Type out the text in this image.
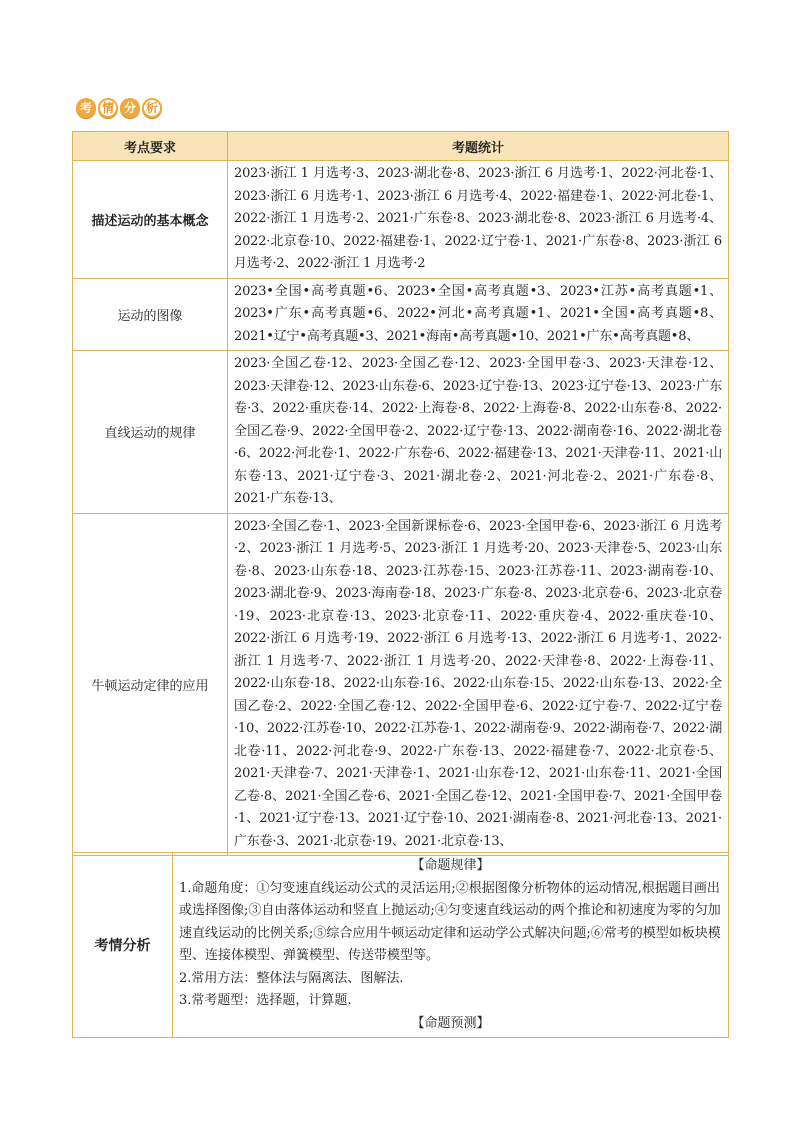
考 情 分 析
考点要求	考题统计
描述运动的基本概念	2023·浙江 1 月选考·3、2023·湖北卷·8、2023·浙江 6 月选考·1、2022·河北卷·1、2023·浙江 6 月选考·1、2023·浙江 6 月选考·4、2022·福建卷·1、2022·河北卷·1、2022·浙江 1 月选考·2、2021·广东卷·8、2023·湖北卷·8、2023·浙江 6 月选考·4、2022·北京卷·10、2022·福建卷·1、2022·辽宁卷·1、2021·广东卷·8、2023·浙江 6 月选考·2、2022·浙江 1 月选考·2
运动的图像	2023•全国•高考真题•6、2023•全国•高考真题•3、2023•江苏•高考真题•1、2023•广东•高考真题•6、2022•河北•高考真题•1、2021•全国•高考真题•8、2021•辽宁•高考真题•3、2021•海南•高考真题•10、2021•广东•高考真题•8、
直线运动的规律	2023·全国乙卷·12、2023·全国乙卷·12、2023·全国甲卷·3、2023·天津卷·12、2023·天津卷·12、2023·山东卷·6、2023·辽宁卷·13、2023·辽宁卷·13、2023·广东卷·3、2022·重庆卷·14、2022·上海卷·8、2022·上海卷·8、2022·山东卷·8、2022·全国乙卷·9、2022·全国甲卷·2、2022·辽宁卷·13、2022·湖南卷·16、2022·湖北卷·6、2022·河北卷·1、2022·广东卷·6、2022·福建卷·13、2021·天津卷·11、2021·山东卷·13、2021·辽宁卷·3、2021·湖北卷·2、2021·河北卷·2、2021·广东卷·8、2021·广东卷·13、
牛顿运动定律的应用	2023·全国乙卷·1、2023·全国新课标卷·6、2023·全国甲卷·6、2023·浙江 6 月选考·2、2023·浙江 1 月选考·5、2023·浙江 1 月选考·20、2023·天津卷·5、2023·山东卷·8、2023·山东卷·18、2023·江苏卷·15、2023·江苏卷·11、2023·湖南卷·10、2023·湖北卷·9、2023·海南卷·18、2023·广东卷·8、2023·北京卷·6、2023·北京卷·19、2023·北京卷·13、2023·北京卷·11、2022·重庆卷·4、2022·重庆卷·10、2022·浙江 6 月选考·19、2022·浙江 6 月选考·13、2022·浙江 6 月选考·1、2022·浙江 1 月选考·7、2022·浙江 1 月选考·20、2022·天津卷·8、2022·上海卷·11、2022·山东卷·18、2022·山东卷·16、2022·山东卷·15、2022·山东卷·13、2022·全国乙卷·2、2022·全国乙卷·12、2022·全国甲卷·6、2022·辽宁卷·7、2022·辽宁卷·10、2022·江苏卷·10、2022·江苏卷·1、2022·湖南卷·9、2022·湖南卷·7、2022·湖北卷·11、2022·河北卷·9、2022·广东卷·13、2022·福建卷·7、2022·北京卷·5、2021·天津卷·7、2021·天津卷·1、2021·山东卷·12、2021·山东卷·11、2021·全国乙卷·8、2021·全国乙卷·6、2021·全国乙卷·12、2021·全国甲卷·7、2021·全国甲卷·1、2021·辽宁卷·13、2021·辽宁卷·10、2021·湖南卷·8、2021·河北卷·13、2021·广东卷·3、2021·北京卷·19、2021·北京卷·13、
考情分析	

【命题规律】

1.命题角度：①匀变速直线运动公式的灵活运用;②根据图像分析物体的运动情况,根据题目画出或选择图像;③自由落体运动和竖直上抛运动;④匀变速直线运动的两个推论和初速度为零的匀加速直线运动的比例关系;⑤综合应用牛顿运动定律和运动学公式解决问题;⑥常考的模型如板块模型、连接体模型、弹簧模型、传送带模型等。

2.常用方法：整体法与隔离法、图解法.

3.常考题型：选择题，计算题.

【命题预测】
